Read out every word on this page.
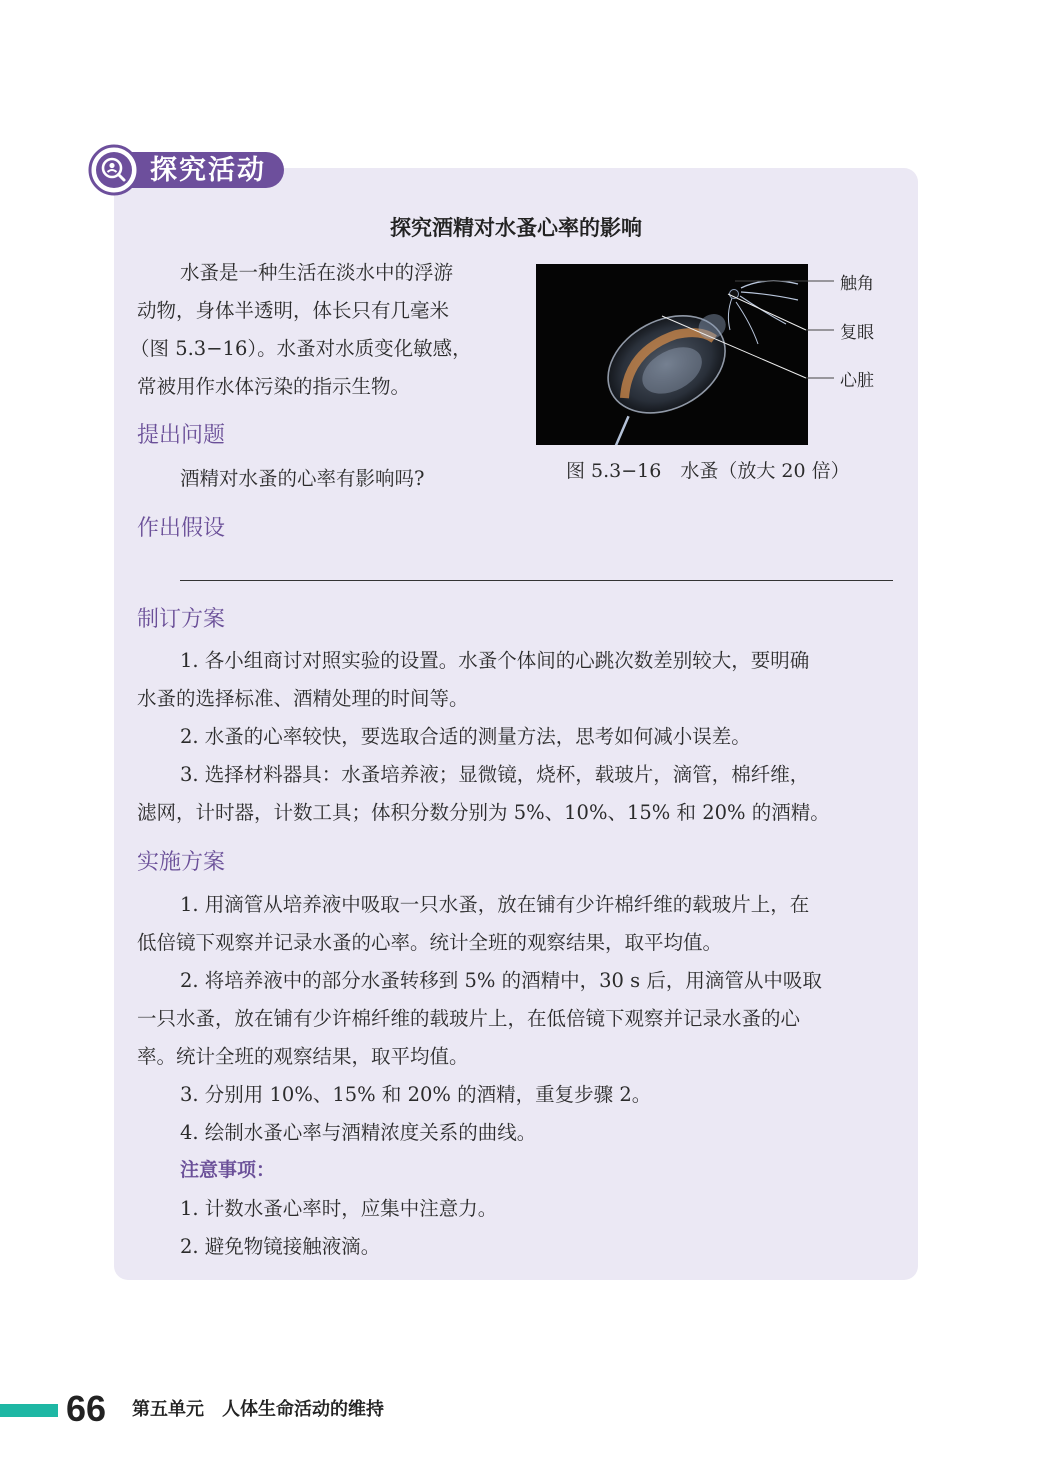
探究活动
探究酒精对水蚤心率的影响

水蚤是一种生活在淡水中的浮游

动物，身体半透明，体长只有几毫米

（图 5.3−16）。水蚤对水质变化敏感，

常被用作水体污染的指示生物。

触角
复眼
心脏
图 5.3−16　水蚤（放大 20 倍）
提出问题

酒精对水蚤的心率有影响吗?

作出假设
制订方案

1. 各小组商讨对照实验的设置。水蚤个体间的心跳次数差别较大，要明确

水蚤的选择标准、酒精处理的时间等。

2. 水蚤的心率较快，要选取合适的测量方法，思考如何减小误差。

3. 选择材料器具：水蚤培养液；显微镜，烧杯，载玻片，滴管，棉纤维，

滤网，计时器，计数工具；体积分数分别为 5%、10%、15% 和 20% 的酒精。

实施方案

1. 用滴管从培养液中吸取一只水蚤，放在铺有少许棉纤维的载玻片上，在

低倍镜下观察并记录水蚤的心率。统计全班的观察结果，取平均值。

2. 将培养液中的部分水蚤转移到 5% 的酒精中，30 s 后，用滴管从中吸取

一只水蚤，放在铺有少许棉纤维的载玻片上，在低倍镜下观察并记录水蚤的心

率。统计全班的观察结果，取平均值。

3. 分别用 10%、15% 和 20% 的酒精，重复步骤 2。

4. 绘制水蚤心率与酒精浓度关系的曲线。

注意事项：

1. 计数水蚤心率时，应集中注意力。

2. 避免物镜接触液滴。

66 第五单元　人体生命活动的维持
